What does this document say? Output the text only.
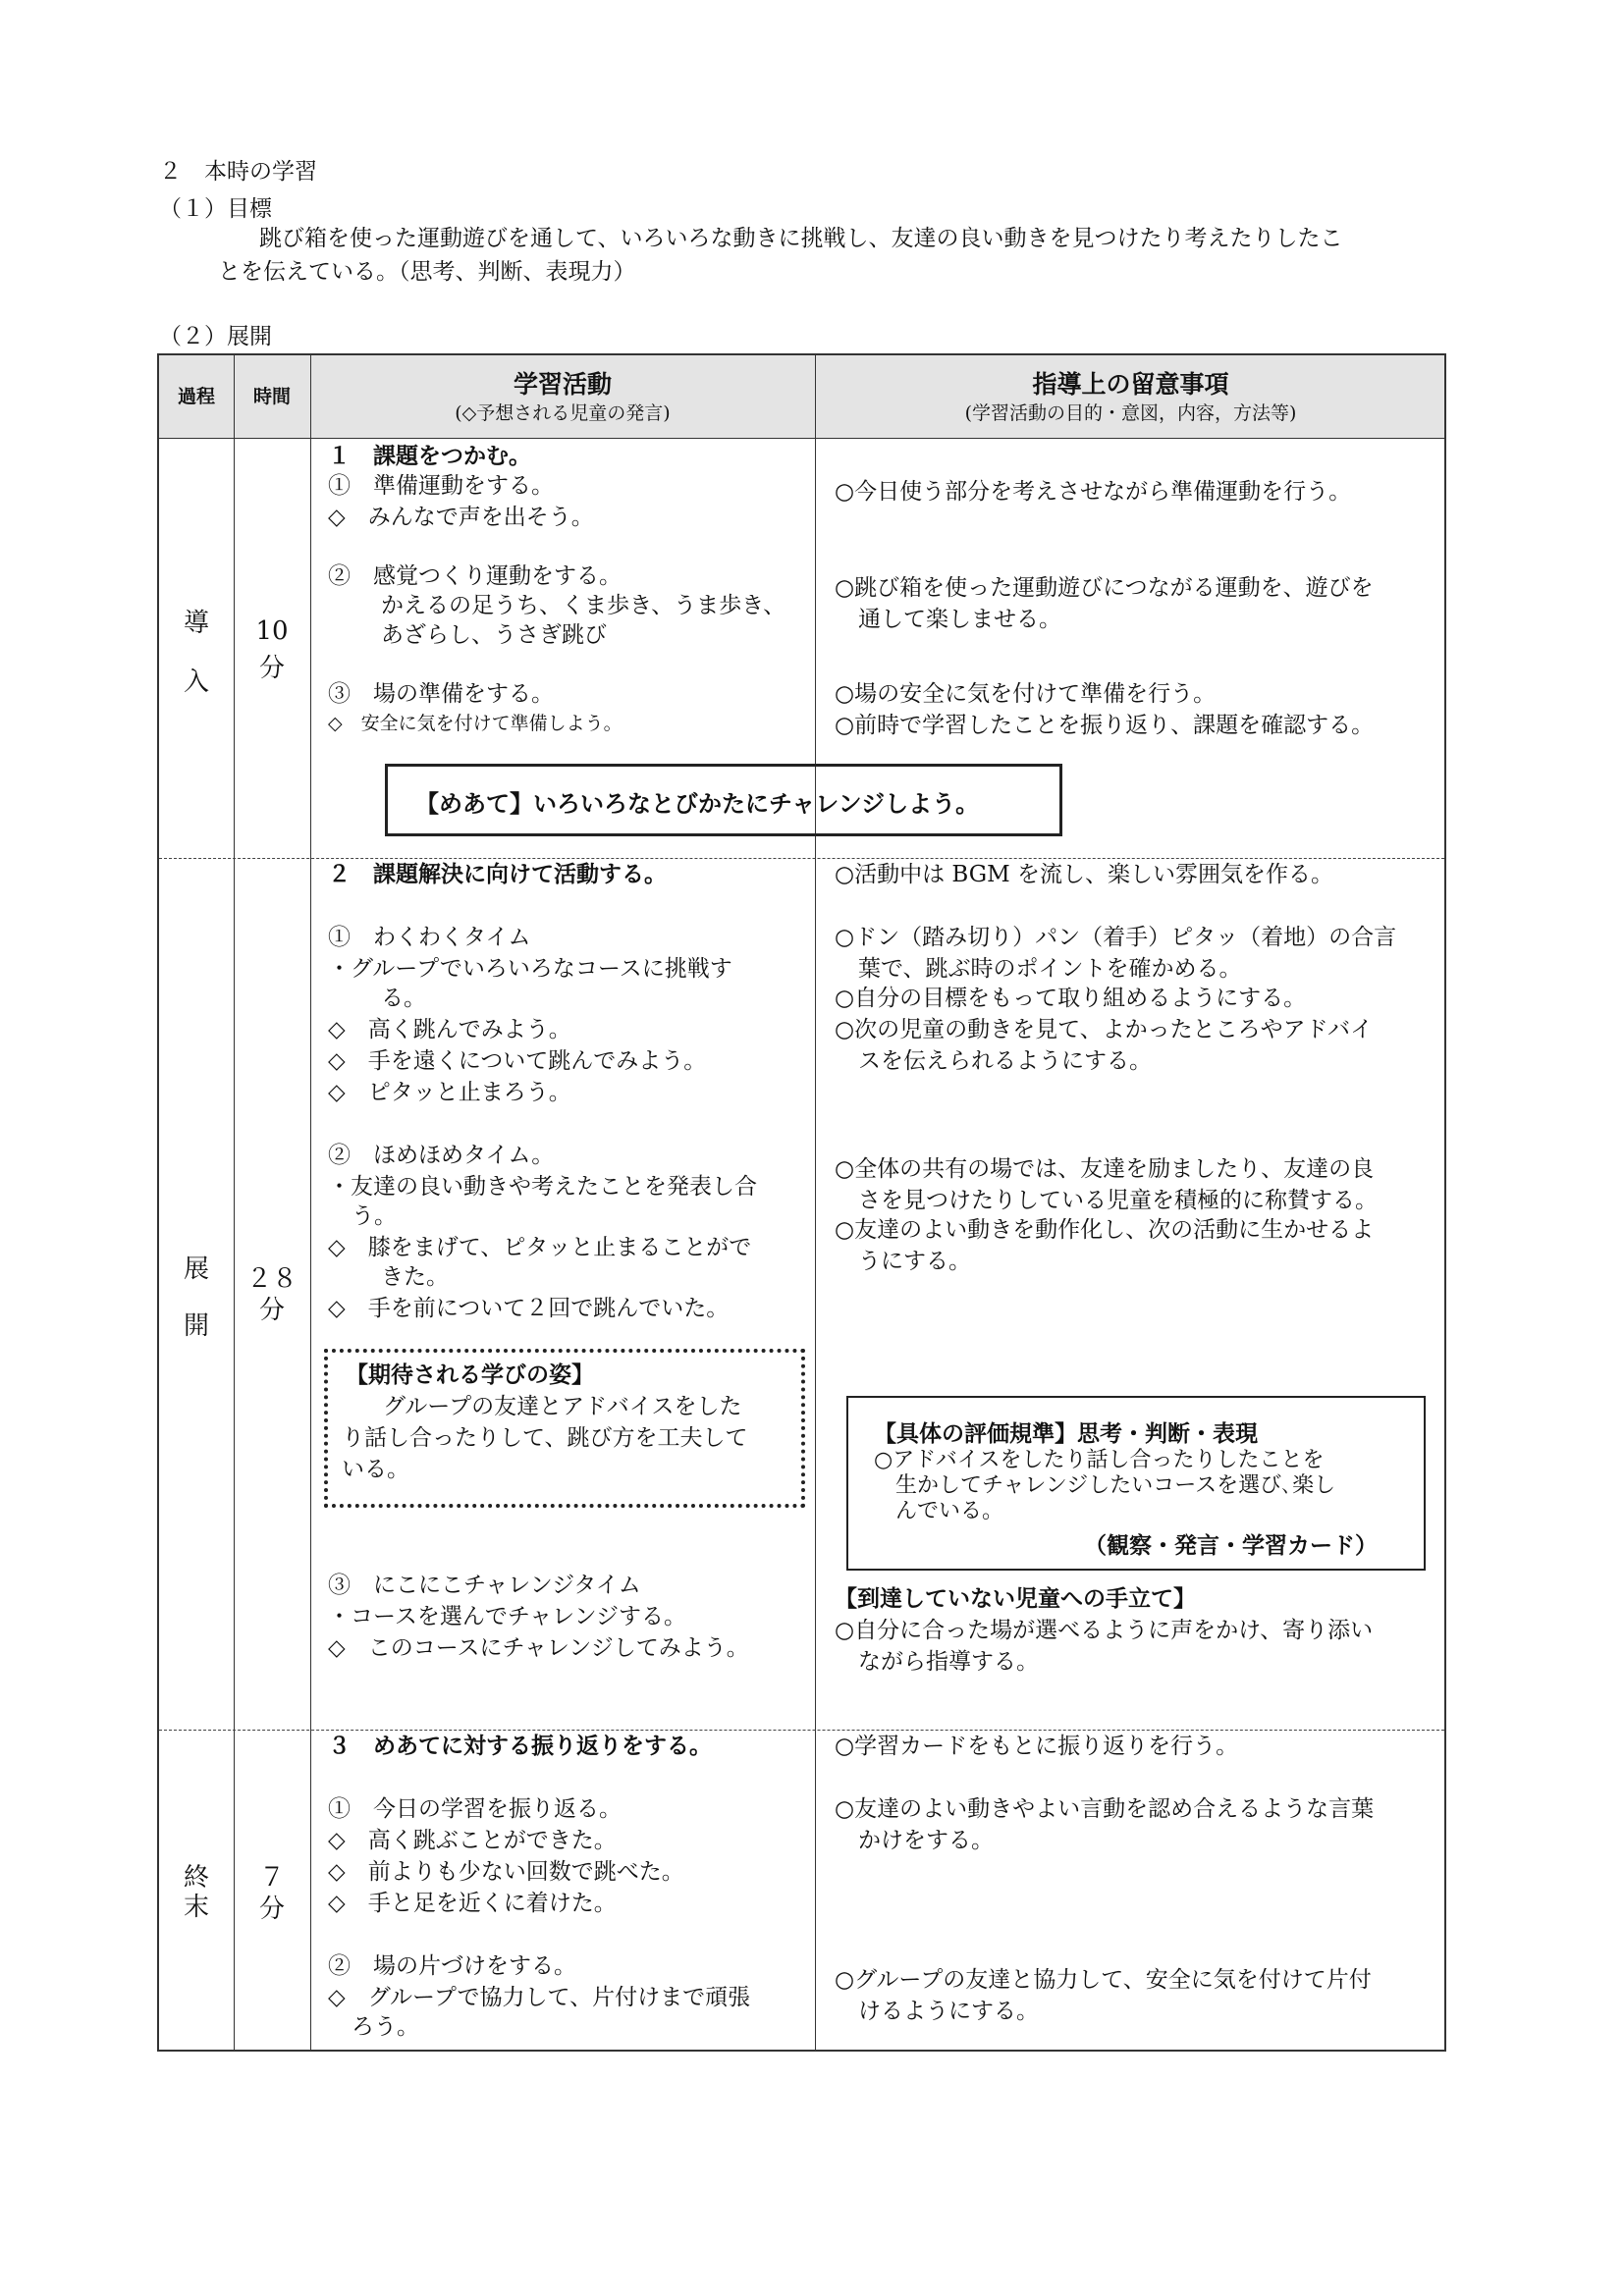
２　本時の学習
（１）目標
跳び箱を使った運動遊びを通して、いろいろな動きに挑戦し、友達の良い動きを見つけたり考えたりしたこ
とを伝えている。（思考、判断、表現力）
（２）展開
過程	時間	学習活動
(◇予想される児童の発言)
指導上の留意事項
(学習活動の目的・意図，内容，方法等)
導
入
10
分
１　課題をつかむ。
①　準備運動をする。
◇　みんなで声を出そう。
②　感覚つくり運動をする。
かえるの足うち、くま歩き、うま歩き、
あざらし、うさぎ跳び
③　場の準備をする。
◇　安全に気を付けて準備しよう。
○今日使う部分を考えさせながら準備運動を行う。
○跳び箱を使った運動遊びにつながる運動を、遊びを
通して楽しませる。
○場の安全に気を付けて準備を行う。
○前時で学習したことを振り返り、課題を確認する。
【めあて】いろいろなとびかたにチャレンジしよう。
展
開
２８
分
２　課題解決に向けて活動する。
①　わくわくタイム
・グループでいろいろなコースに挑戦す
る。
◇　高く跳んでみよう。
◇　手を遠くについて跳んでみよう。
◇　ピタッと止まろう。
②　ほめほめタイム。
・友達の良い動きや考えたことを発表し合
う。
◇　膝をまげて、ピタッと止まることがで
きた。
◇　手を前について２回で跳んでいた。
【期待される学びの姿】
グループの友達とアドバイスをした
り話し合ったりして、跳び方を工夫して
いる。
③　にこにこチャレンジタイム
・コースを選んでチャレンジする。
◇　このコースにチャレンジしてみよう。
○活動中は BGM を流し、楽しい雰囲気を作る。
○ドン（踏み切り）パン（着手）ピタッ（着地）の合言
葉で、跳ぶ時のポイントを確かめる。
○自分の目標をもって取り組めるようにする。
○次の児童の動きを見て、よかったところやアドバイ
スを伝えられるようにする。
○全体の共有の場では、友達を励ましたり、友達の良
さを見つけたりしている児童を積極的に称賛する。
○友達のよい動きを動作化し、次の活動に生かせるよ
うにする。
【具体の評価規準】思考・判断・表現
○アドバイスをしたり話し合ったりしたことを
生かしてチャレンジしたいコースを選び､楽し
んでいる。
（観察・発言・学習カード）
【到達していない児童への手立て】
○自分に合った場が選べるように声をかけ、寄り添い
ながら指導する。
終
末
７
分
３　めあてに対する振り返りをする。
①　今日の学習を振り返る。
◇　高く跳ぶことができた。
◇　前よりも少ない回数で跳べた。
◇　手と足を近くに着けた。
②　場の片づけをする。
◇　グループで協力して、片付けまで頑張
ろう。
○学習カードをもとに振り返りを行う。
○友達のよい動きやよい言動を認め合えるような言葉
かけをする。
○グループの友達と協力して、安全に気を付けて片付
けるようにする。
